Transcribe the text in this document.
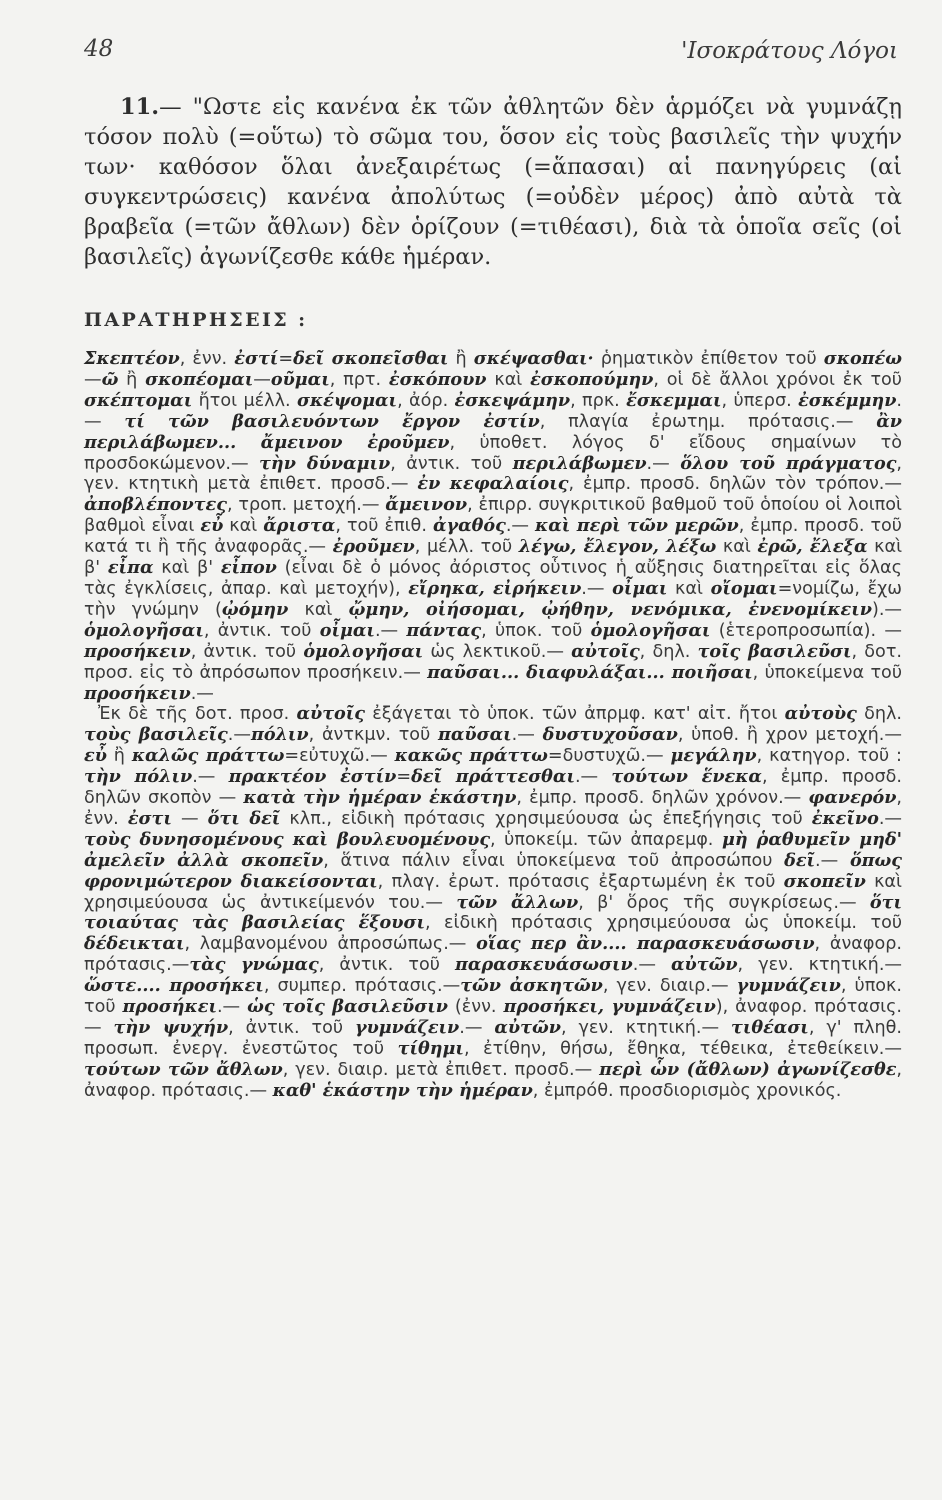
48	'Ισοκράτους Λόγοι

11.— "Ωστε εἰς κανένα ἐκ τῶν ἀθλητῶν δὲν ἁρμόζει νὰ γυμνάζῃ τόσον πολὺ (=οὕτω) τὸ σῶμα του, ὅσον εἰς τοὺς βασιλεῖς τὴν ψυχήν των· καθόσον ὅλαι ἀνεξαιρέτως (=ἅπασαι) αἱ πανηγύρεις (αἱ συγκεντρώσεις) κανένα ἀπολύτως (=οὐδὲν μέρος) ἀπὸ αὐτὰ τὰ βραβεῖα (=τῶν ἄθλων) δὲν ὁρίζουν (=τιθέασι), διὰ τὰ ὁποῖα σεῖς (οἱ βασιλεῖς) ἀγωνίζεσθε κάθε ἡμέραν.

ΠΑΡΑΤΗΡΗΣΕΙΣ :

Σκεπτέον, ἐνν. ἐστί=δεῖ σκοπεῖσθαι ἢ σκέψασθαι· ῥηματικὸν ἐπίθετον τοῦ σκοπέω—ῶ ἢ σκοπέομαι—οῦμαι, πρτ. ἐσκόπουν καὶ ἐσκοπούμην, οἱ δὲ ἄλλοι χρόνοι ἐκ τοῦ σκέπτομαι ἤτοι μέλλ. σκέψομαι, ἀόρ. ἐσκεψάμην, πρκ. ἔσκεμμαι, ὑπερσ. ἐσκέμμην.— τί τῶν βασιλευόντων ἔργον ἐστίν, πλαγία ἐρωτημ. πρότασις.— ἂν περιλάβωμεν... ἄμεινον ἐροῦμεν, ὑποθετ. λόγος δ' εἴδους σημαίνων τὸ προσδοκώμενον.— τὴν δύναμιν, ἀντικ. τοῦ περιλάβωμεν.— ὅλου τοῦ πράγματος, γεν. κτητικὴ μετὰ ἐπιθετ. προσδ.— ἐν κεφαλαίοις, ἐμπρ. προσδ. δηλῶν τὸν τρόπον.— ἀποβλέποντες, τροπ. μετοχή.— ἄμεινον, ἐπιρρ. συγκριτικοῦ βαθμοῦ τοῦ ὁποίου οἱ λοιποὶ βαθμοὶ εἶναι εὖ καὶ ἄριστα, τοῦ ἐπιθ. ἀγαθός.— καὶ περὶ τῶν μερῶν, ἐμπρ. προσδ. τοῦ κατά τι ἢ τῆς ἀναφορᾶς.— ἐροῦμεν, μέλλ. τοῦ λέγω, ἔλεγον, λέξω καὶ ἐρῶ, ἔλεξα καὶ β' εἶπα καὶ β' εἶπον (εἶναι δὲ ὁ μόνος ἀόριστος οὗτινος ἡ αὔξησις διατηρεῖται εἰς ὅλας τὰς ἐγκλίσεις, ἀπαρ. καὶ μετοχήν), εἴρηκα, εἰρήκειν.— οἶμαι καὶ οἴομαι=νομίζω, ἔχω τὴν γνώμην (ᾠόμην καὶ ᾤμην, οἰήσομαι, ᾠήθην, νενόμικα, ἐνενομίκειν).— ὁμολογῆσαι, ἀντικ. τοῦ οἶμαι.— πάντας, ὑποκ. τοῦ ὁμολογῆσαι (ἑτεροπροσωπία). — προσήκειν, ἀντικ. τοῦ ὁμολογῆσαι ὡς λεκτικοῦ.— αὐτοῖς, δηλ. τοῖς βασιλεῦσι, δοτ. προσ. εἰς τὸ ἀπρόσωπον προσήκειν.— παῦσαι... διαφυλάξαι... ποιῆσαι, ὑποκείμενα τοῦ προσήκειν.—

Ἐκ δὲ τῆς δοτ. προσ. αὐτοῖς ἐξάγεται τὸ ὑποκ. τῶν ἀπρμφ. κατ' αἰτ. ἤτοι αὐτοὺς δηλ. τοὺς βασιλεῖς.—πόλιν, ἀντκμν. τοῦ παῦσαι.— δυστυχοῦσαν, ὑποθ. ἢ χρον μετοχή.—εὖ ἢ καλῶς πράττω=εὐτυχῶ.— κακῶς πράττω=δυστυχῶ.— μεγάλην, κατηγορ. τοῦ : τὴν πόλιν.— πρακτέον ἐστίν=δεῖ πράττεσθαι.— τούτων ἕνεκα, ἐμπρ. προσδ. δηλῶν σκοπὸν — κατὰ τὴν ἡμέραν ἑκάστην, ἐμπρ. προσδ. δηλῶν χρόνον.— φανερόν, ἐνν. ἐστι — ὅτι δεῖ κλπ., εἰδικὴ πρότασις χρησιμεύουσα ὡς ἐπεξήγησις τοῦ ἐκεῖνο.— τοὺς δυνησομένους καὶ βουλευομένους, ὑποκείμ. τῶν ἀπαρεμφ. μὴ ῥαθυμεῖν μηδ' ἀμελεῖν ἀλλὰ σκοπεῖν, ἅτινα πάλιν εἶναι ὑποκείμενα τοῦ ἀπροσώπου δεῖ.— ὅπως φρονιμώτερον διακείσονται, πλαγ. ἐρωτ. πρότασις ἐξαρτωμένη ἐκ τοῦ σκοπεῖν καὶ χρησιμεύουσα ὡς ἀντικείμενόν του.— τῶν ἄλλων, β' ὅρος τῆς συγκρίσεως.— ὅτι τοιαύτας τὰς βασιλείας ἕξουσι, εἰδικὴ πρότασις χρησιμεύουσα ὡς ὑποκείμ. τοῦ δέδεικται, λαμβανομένου ἀπροσώπως.— οἵας περ ἂν.... παρασκευάσωσιν, ἀναφορ. πρότασις.—τὰς γνώμας, ἀντικ. τοῦ παρασκευάσωσιν.— αὐτῶν, γεν. κτητική.—ὥστε.... προσήκει, συμπερ. πρότασις.—τῶν ἀσκητῶν, γεν. διαιρ.— γυμνάζειν, ὑποκ. τοῦ προσήκει.— ὡς τοῖς βασιλεῦσιν (ἐνν. προσήκει, γυμνάζειν), ἀναφορ. πρότασις.— τὴν ψυχήν, ἀντικ. τοῦ γυμνάζειν.— αὐτῶν, γεν. κτητική.— τιθέασι, γ' πληθ. προσωπ. ἐνεργ. ἐνεστῶτος τοῦ τίθημι, ἐτίθην, θήσω, ἔθηκα, τέθεικα, ἐτεθείκειν.— τούτων τῶν ἄθλων, γεν. διαιρ. μετὰ ἐπιθετ. προσδ.— περὶ ὧν (ἄθλων) ἀγωνίζεσθε, ἀναφορ. πρότασις.— καθ' ἑκάστην τὴν ἡμέραν, ἐμπρόθ. προσδιορισμὸς χρονικός.
